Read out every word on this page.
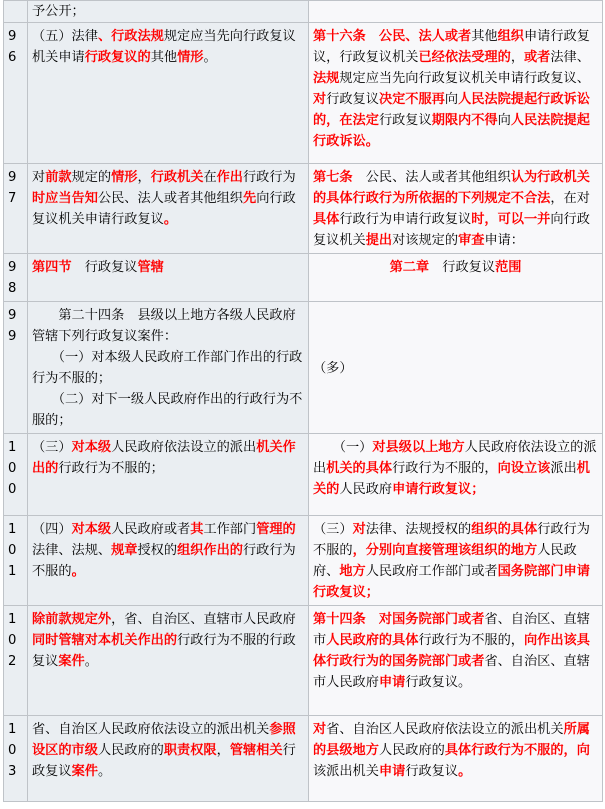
	予公开；	

96	（五）法律、行政法规规定应当先向行政复议机关申请行政复议的其他情形。	第十六条　公民、法人或者其他组织申请行政复议，行政复议机关已经依法受理的，或者法律、法规规定应当先向行政复议机关申请行政复议、对行政复议决定不服再向人民法院提起行政诉讼的，在法定行政复议期限内不得向人民法院提起行政诉讼。

97	对前款规定的情形，行政机关在作出行政行为时应当告知公民、法人或者其他组织先向行政复议机关申请行政复议。	第七条　公民、法人或者其他组织认为行政机关的具体行政行为所依据的下列规定不合法，在对具体行政行为申请行政复议时，可以一并向行政复议机关提出对该规定的审查申请：

98	第四节　行政复议管辖	第二章　行政复议范围

99	　　第二十四条　县级以上地方各级人民政府管辖下列行政复议案件：
　　（一）对本级人民政府工作部门作出的行政行为不服的；
　　（二）对下一级人民政府作出的行政行为不服的；	（多）

100	（三）对本级人民政府依法设立的派出机关作出的行政行为不服的；	　　（一）对县级以上地方人民政府依法设立的派出机关的具体行政行为不服的，向设立该派出机关的人民政府申请行政复议；

101	（四）对本级人民政府或者其工作部门管理的法律、法规、规章授权的组织作出的行政行为不服的。	（三）对法律、法规授权的组织的具体行政行为不服的，分别向直接管理该组织的地方人民政府、地方人民政府工作部门或者国务院部门申请行政复议；

102	除前款规定外，省、自治区、直辖市人民政府同时管辖对本机关作出的行政行为不服的行政复议案件。	第十四条　对国务院部门或者省、自治区、直辖市人民政府的具体行政行为不服的，向作出该具体行政行为的国务院部门或者省、自治区、直辖市人民政府申请行政复议。

103	省、自治区人民政府依法设立的派出机关参照设区的市级人民政府的职责权限，管辖相关行政复议案件。	对省、自治区人民政府依法设立的派出机关所属的县级地方人民政府的具体行政行为不服的，向该派出机关申请行政复议。
